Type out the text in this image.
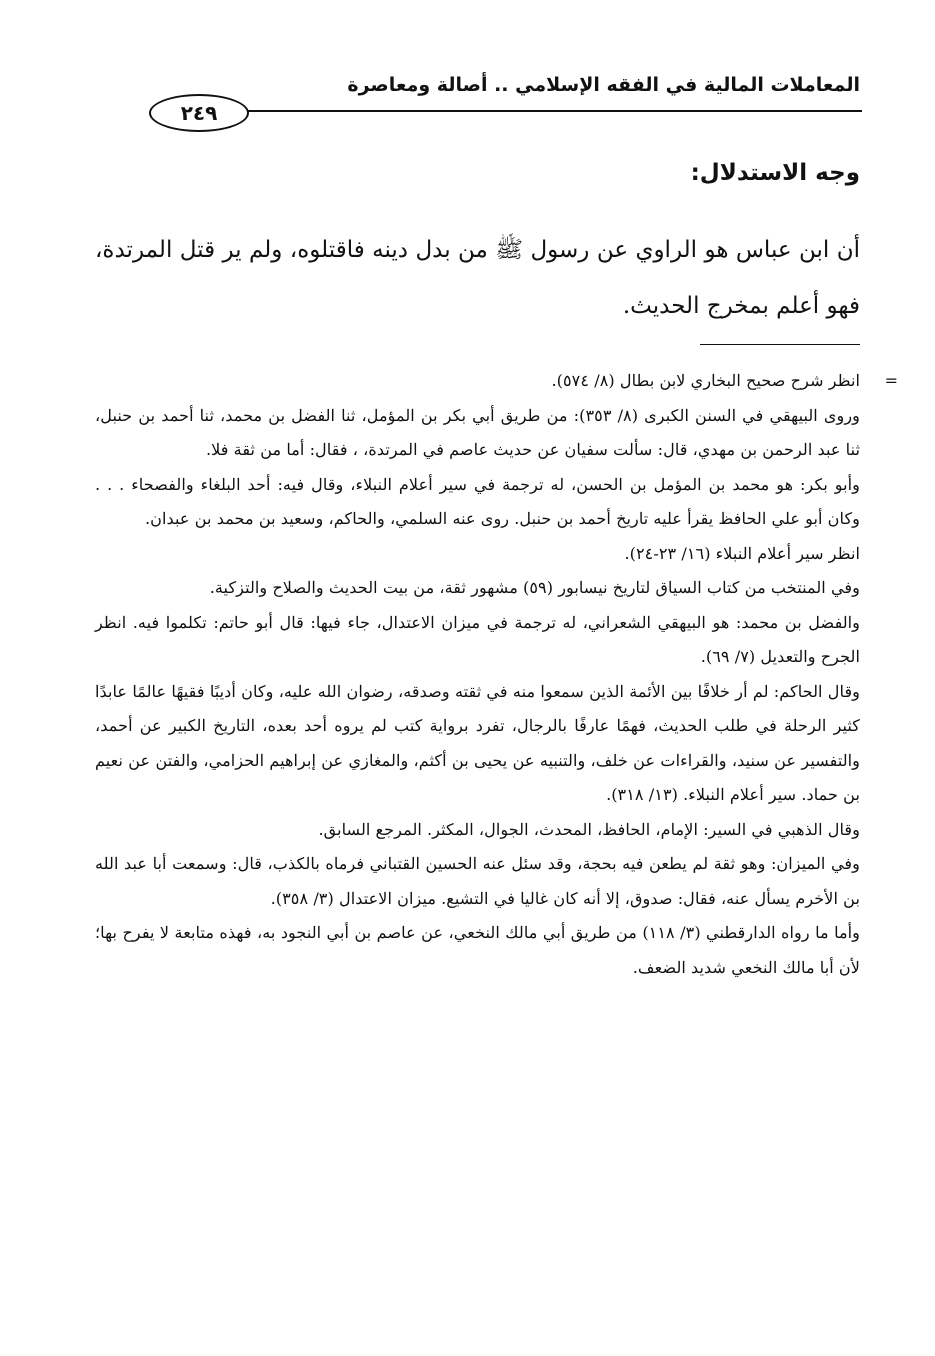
المعاملات المالية في الفقه الإسلامي .. أصالة ومعاصرة
٢٤٩
وجه الاستدلال:
أن ابن عباس هو الراوي عن رسول ﷺ من بدل دينه فاقتلوه، ولم ير قتل المرتدة، فهو أعلم بمخرج الحديث.
=

انظر شرح صحيح البخاري لابن بطال (٨/ ٥٧٤).

وروى البيهقي في السنن الكبرى (٨/ ٣٥٣): من طريق أبي بكر بن المؤمل، ثنا الفضل بن محمد، ثنا أحمد بن حنبل، ثنا عبد الرحمن بن مهدي، قال: سألت سفيان عن حديث عاصم في المرتدة، ، فقال: أما من ثقة فلا.

وأبو بكر: هو محمد بن المؤمل بن الحسن، له ترجمة في سير أعلام النبلاء، وقال فيه: أحد البلغاء والفصحاء . . . وكان أبو علي الحافظ يقرأ عليه تاريخ أحمد بن حنبل. روى عنه السلمي، والحاكم، وسعيد بن محمد بن عبدان.

انظر سير أعلام النبلاء (١٦/ ٢٣-٢٤).

وفي المنتخب من كتاب السياق لتاريخ نيسابور (٥٩) مشهور ثقة، من بيت الحديث والصلاح والتزكية.

والفضل بن محمد: هو البيهقي الشعراني، له ترجمة في ميزان الاعتدال، جاء فيها: قال أبو حاتم: تكلموا فيه. انظر الجرح والتعديل (٧/ ٦٩).

وقال الحاكم: لم أر خلافًا بين الأئمة الذين سمعوا منه في ثقته وصدقه، رضوان الله عليه، وكان أديبًا فقيهًا عالمًا عابدًا كثير الرحلة في طلب الحديث، فهمًا عارفًا بالرجال، تفرد برواية كتب لم يروه أحد بعده، التاريخ الكبير عن أحمد، والتفسير عن سنيد، والقراءات عن خلف، والتنبيه عن يحيى بن أكثم، والمغازي عن إبراهيم الحزامي، والفتن عن نعيم بن حماد. سير أعلام النبلاء. (١٣/ ٣١٨).

وقال الذهبي في السير: الإمام، الحافظ، المحدث، الجوال، المكثر. المرجع السابق.

وفي الميزان: وهو ثقة لم يطعن فيه بحجة، وقد سئل عنه الحسين القتباني فرماه بالكذب، قال: وسمعت أبا عبد الله بن الأخرم يسأل عنه، فقال: صدوق، إلا أنه كان غاليا في التشيع. ميزان الاعتدال (٣/ ٣٥٨).

وأما ما رواه الدارقطني (٣/ ١١٨) من طريق أبي مالك النخعي، عن عاصم بن أبي النجود به، فهذه متابعة لا يفرح بها؛ لأن أبا مالك النخعي شديد الضعف.
